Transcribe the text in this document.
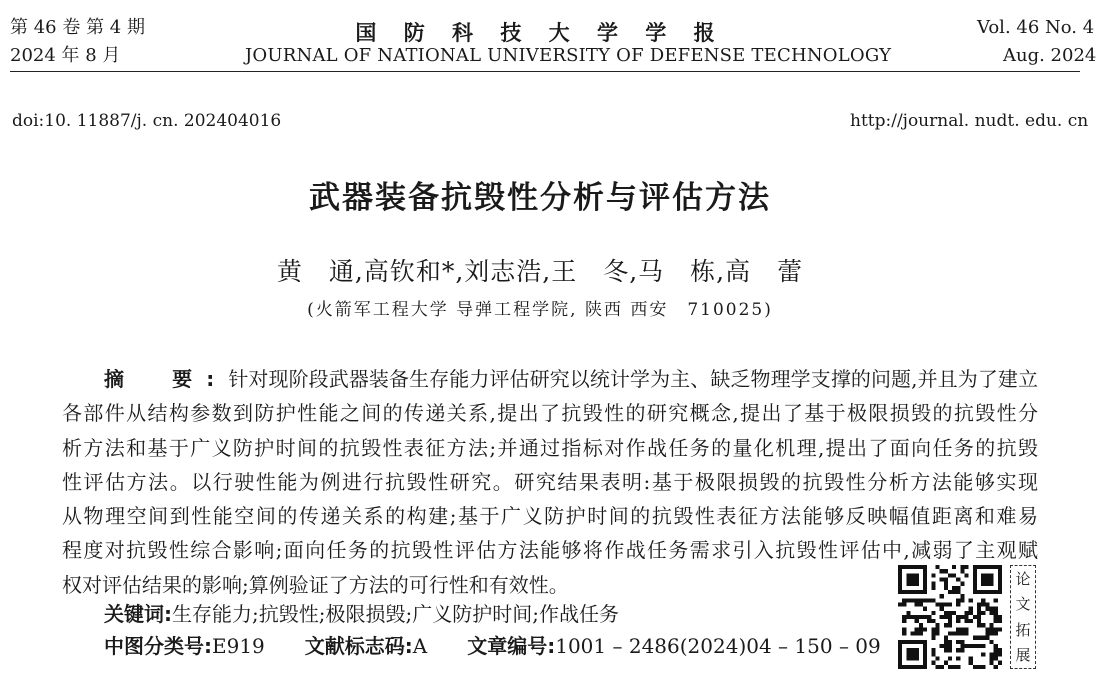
第 46 卷 第 4 期
2024 年 8 月
国 防 科 技 大 学 学 报
JOURNAL OF NATIONAL UNIVERSITY OF DEFENSE TECHNOLOGY
Vol. 46 No. 4
Aug. 2024
doi:10. 11887/j. cn. 202404016	http://journal. nudt. edu. cn
武器装备抗毁性分析与评估方法
黄　通,高钦和*,刘志浩,王　冬,马　栋,高　蕾
(火箭军工程大学 导弹工程学院, 陕西 西安　710025)
摘　要:针对现阶段武器装备生存能力评估研究以统计学为主、缺乏物理学支撑的问题,并且为了建立
各部件从结构参数到防护性能之间的传递关系,提出了抗毁性的研究概念,提出了基于极限损毁的抗毁性分
析方法和基于广义防护时间的抗毁性表征方法;并通过指标对作战任务的量化机理,提出了面向任务的抗毁
性评估方法。以行驶性能为例进行抗毁性研究。研究结果表明:基于极限损毁的抗毁性分析方法能够实现
从物理空间到性能空间的传递关系的构建;基于广义防护时间的抗毁性表征方法能够反映幅值距离和难易
程度对抗毁性综合影响;面向任务的抗毁性评估方法能够将作战任务需求引入抗毁性评估中,减弱了主观赋
权对评估结果的影响;算例验证了方法的可行性和有效性。
关键词:生存能力;抗毁性;极限损毁;广义防护时间;作战任务
中图分类号:E919 文献标志码:A 文章编号:1001 – 2486(2024)04 – 150 – 09
论
文
拓
展
